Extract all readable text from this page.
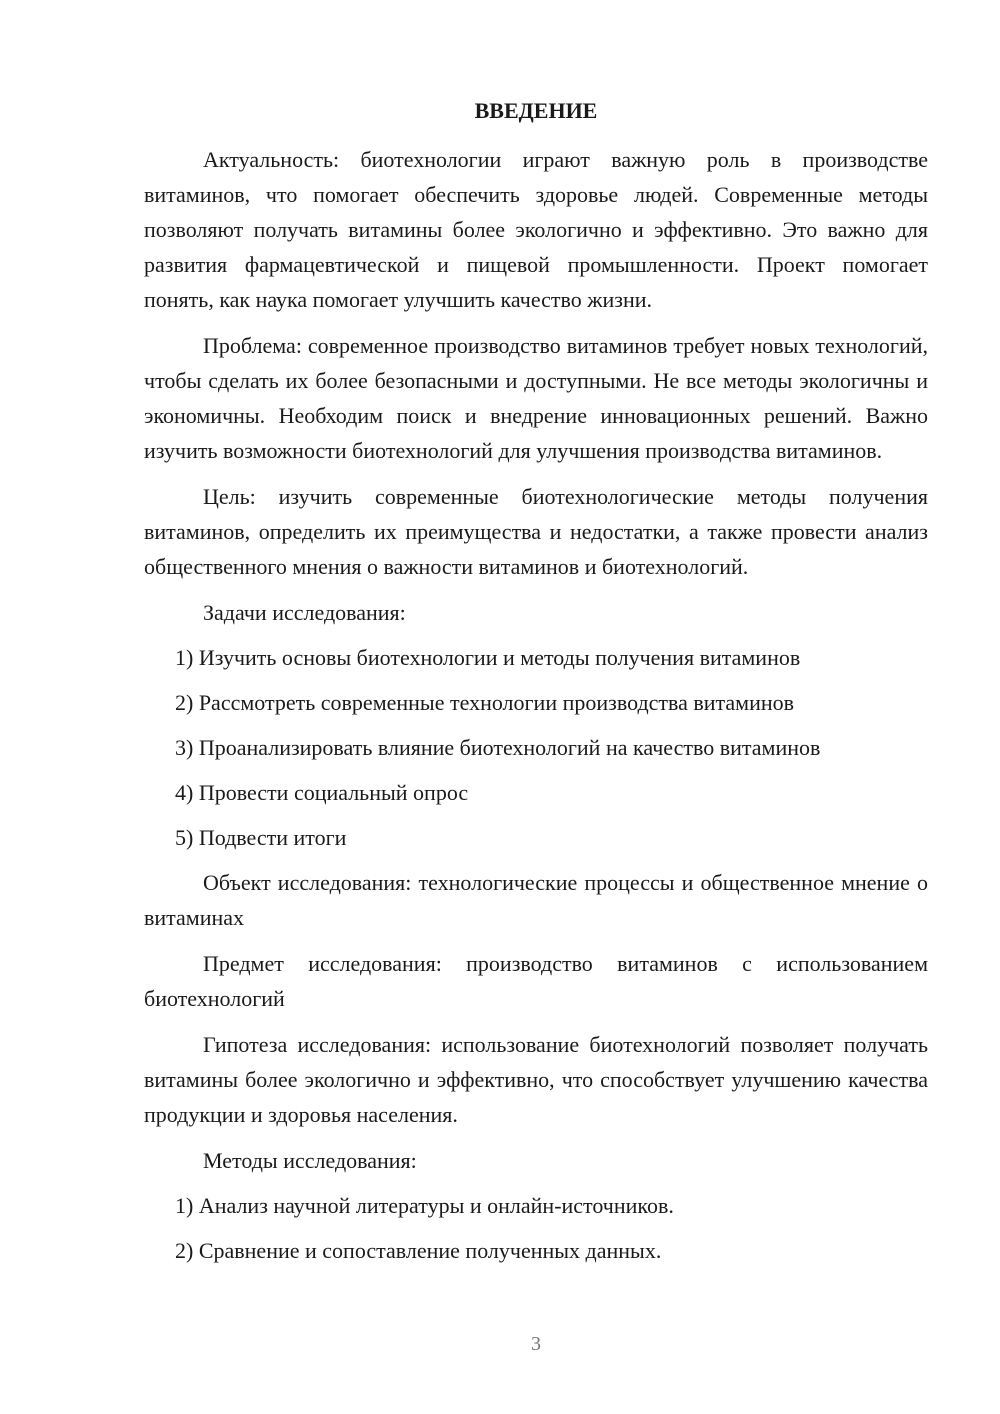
ВВЕДЕНИЕ

Актуальность: биотехнологии играют важную роль в производстве витаминов, что помогает обеспечить здоровье людей. Современные методы позволяют получать витамины более экологично и эффективно. Это важно для развития фармацевтической и пищевой промышленности. Проект помогает понять, как наука помогает улучшить качество жизни.

Проблема: современное производство витаминов требует новых технологий, чтобы сделать их более безопасными и доступными. Не все методы экологичны и экономичны. Необходим поиск и внедрение инновационных решений. Важно изучить возможности биотехнологий для улучшения производства витаминов.

Цель: изучить современные биотехнологические методы получения витаминов, определить их преимущества и недостатки, а также провести анализ общественного мнения о важности витаминов и биотехнологий.

Задачи исследования:
1) Изучить основы биотехнологии и методы получения витаминов
2) Рассмотреть современные технологии производства витаминов
3) Проанализировать влияние биотехнологий на качество витаминов
4) Провести социальный опрос
5) Подвести итоги

Объект исследования: технологические процессы и общественное мнение о витаминах

Предмет исследования: производство витаминов с использованием биотехнологий

Гипотеза исследования: использование биотехнологий позволяет получать витамины более экологично и эффективно, что способствует улучшению качества продукции и здоровья населения.

Методы исследования:
1) Анализ научной литературы и онлайн-источников.
2) Сравнение и сопоставление полученных данных.
3
